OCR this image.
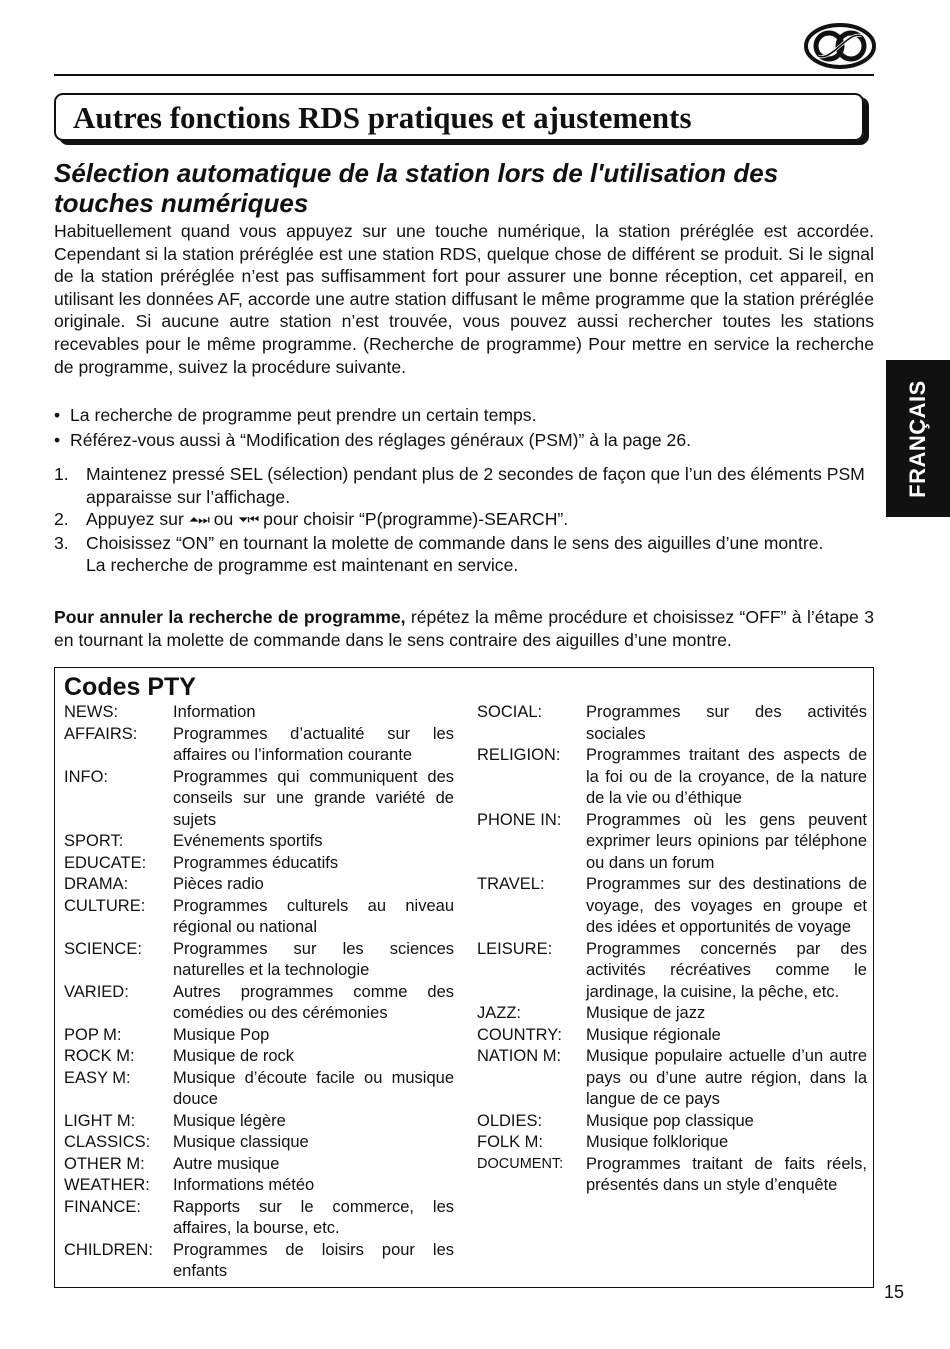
Autres fonctions RDS pratiques et ajustements
Sélection automatique de la station lors de l'utilisation des touches numériques

Habituellement quand vous appuyez sur une touche numérique, la station préréglée est accordée. Cependant si la station préréglée est une station RDS, quelque chose de différent se produit. Si le signal de la station préréglée n’est pas suffisamment fort pour assurer une bonne réception, cet appareil, en utilisant les données AF, accorde une autre station diffusant le même programme que la station préréglée originale. Si aucune autre station n’est trouvée, vous pouvez aussi rechercher toutes les stations recevables pour le même programme. (Recherche de programme) Pour mettre en service la recherche de programme, suivez la procédure suivante.

• La recherche de programme peut prendre un certain temps.
• Référez-vous aussi à “Modification des réglages généraux (PSM)” à la page 26.
1. Maintenez pressé SEL (sélection) pendant plus de 2 secondes de façon que l’un des éléments PSM apparaisse sur l’affichage.
2. Appuyez sur ⏶⏭ ou ⏷⏮ pour choisir “P(programme)-SEARCH”.
3. Choisissez “ON” en tournant la molette de commande dans le sens des aiguilles d’une montre.
La recherche de programme est maintenant en service.

Pour annuler la recherche de programme, répétez la même procédure et choisissez “OFF” à l’étape 3 en tournant la molette de commande dans le sens contraire des aiguilles d’une montre.

FRANÇAIS
Codes PTY
NEWS:	Information
AFFAIRS:	Programmes d’actualité sur les affaires ou l’information courante
INFO:	Programmes qui communiquent des conseils sur une grande variété de sujets
SPORT:	Evénements sportifs
EDUCATE:	Programmes éducatifs
DRAMA:	Pièces radio
CULTURE:	Programmes culturels au niveau régional ou national
SCIENCE:	Programmes sur les sciences naturelles et la technologie
VARIED:	Autres programmes comme des comédies ou des cérémonies
POP M:	Musique Pop
ROCK M:	Musique de rock
EASY M:	Musique d’écoute facile ou musique douce
LIGHT M:	Musique légère
CLASSICS:	Musique classique
OTHER M:	Autre musique
WEATHER:	Informations météo
FINANCE:	Rapports sur le commerce, les affaires, la bourse, etc.
CHILDREN:	Programmes de loisirs pour les enfants
SOCIAL:	Programmes sur des activités sociales
RELIGION:	Programmes traitant des aspects de la foi ou de la croyance, de la nature de la vie ou d’éthique
PHONE IN:	Programmes où les gens peuvent exprimer leurs opinions par téléphone ou dans un forum
TRAVEL:	Programmes sur des destinations de voyage, des voyages en groupe et des idées et opportunités de voyage
LEISURE:	Programmes concernés par des activités récréatives comme le jardinage, la cuisine, la pêche, etc.
JAZZ:	Musique de jazz
COUNTRY:	Musique régionale
NATION M:	Musique populaire actuelle d’un autre pays ou d’une autre région, dans la langue de ce pays
OLDIES:	Musique pop classique
FOLK M:	Musique folklorique
DOCUMENT:	Programmes traitant de faits réels, présentés dans un style d’enquête
15
